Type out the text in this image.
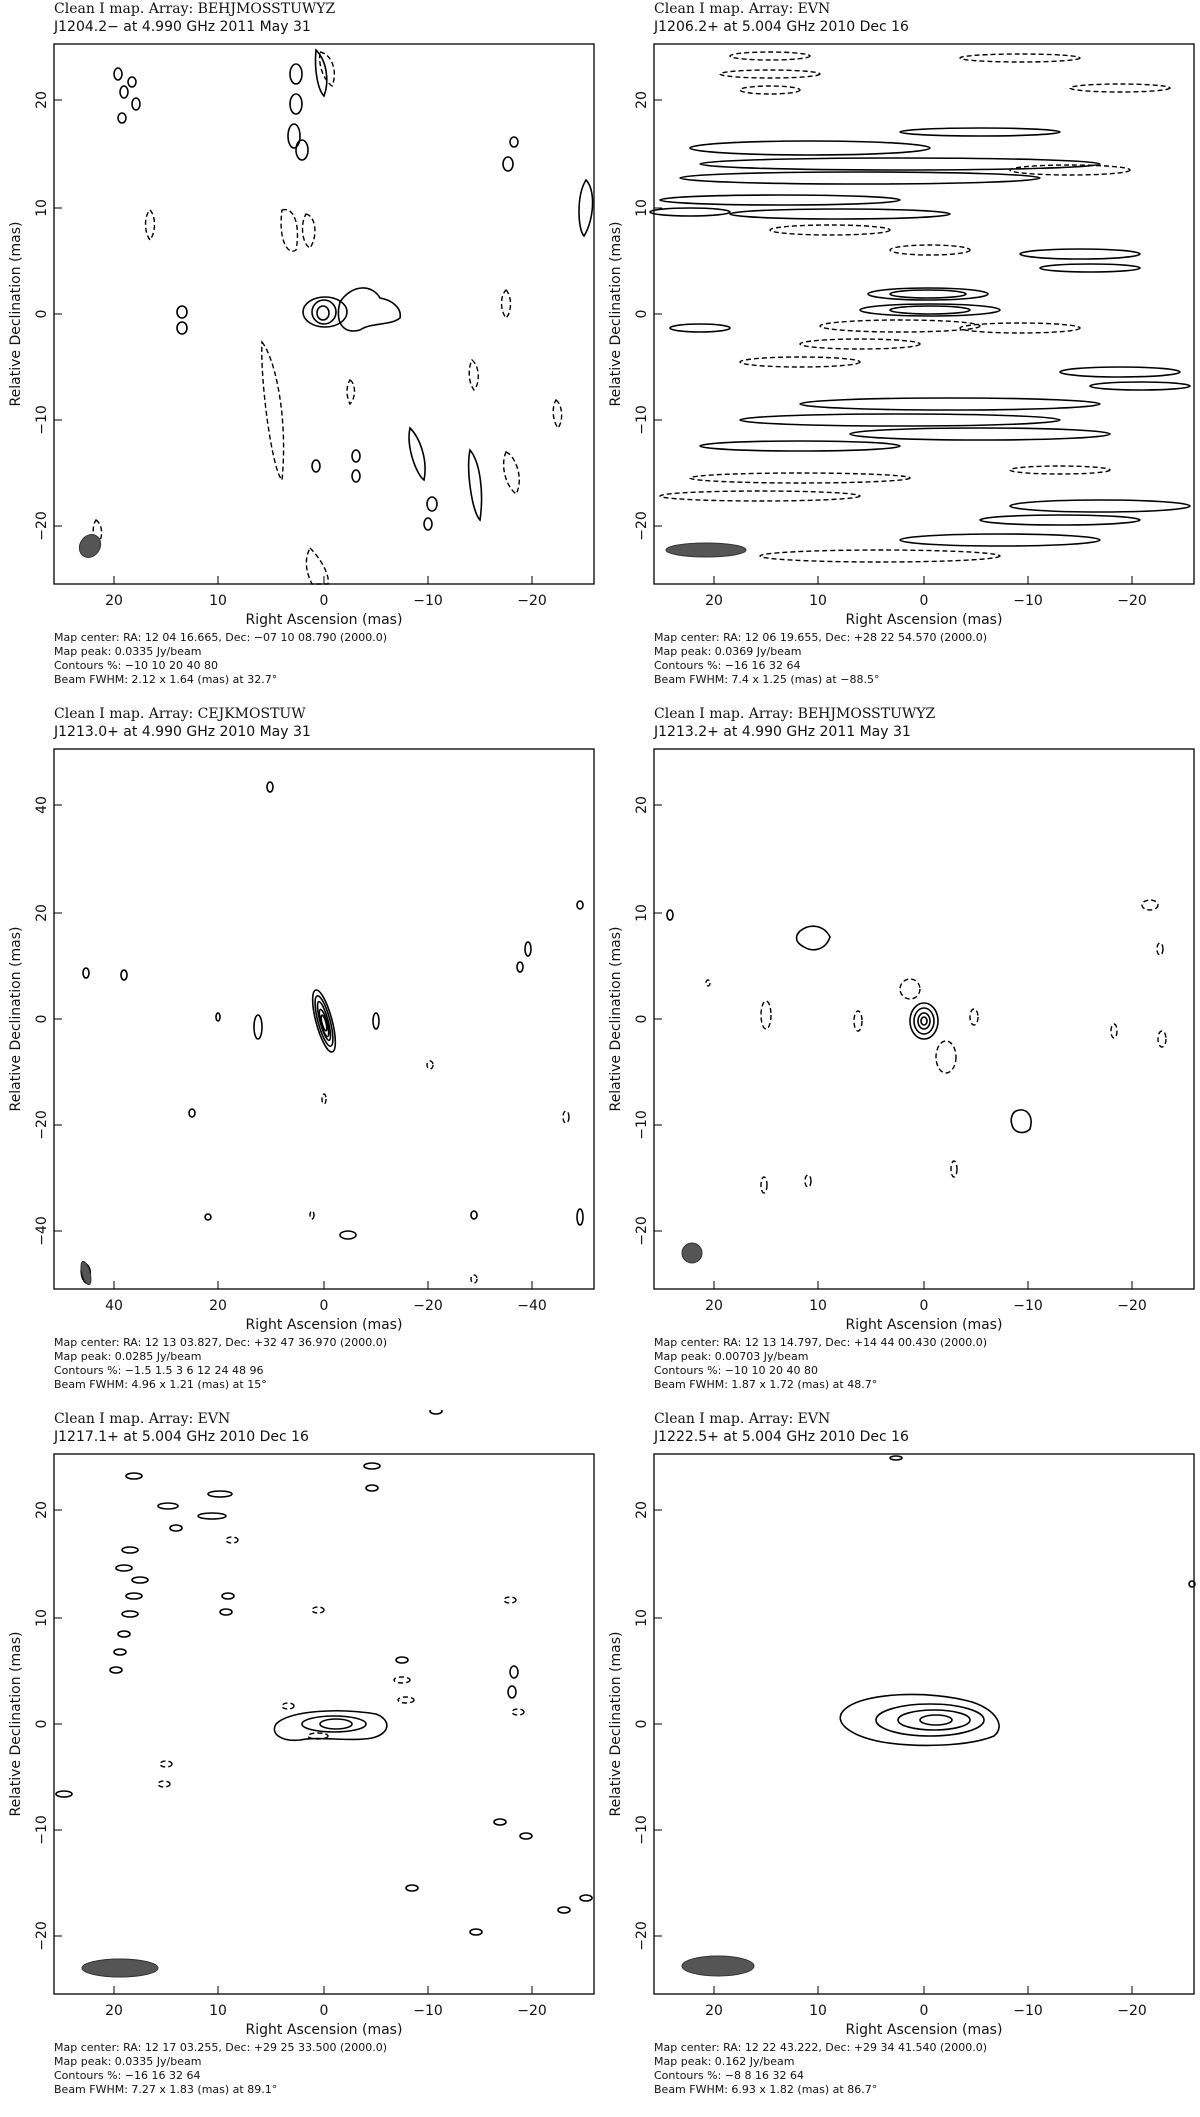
Clean I map. Array: BEHJMOSSTUWYZ
J1204.2− at 4.990 GHz 2011 May 31
20	10	0	−10	−20
20
10
0
−10
−20
Right Ascension (mas)
Relative Declination (mas)
Map center: RA: 12 04 16.665, Dec: −07 10 08.790 (2000.0)
Map peak: 0.0335 Jy/beam
Contours %: −10 10 20 40 80
Beam FWHM: 2.12 x 1.64 (mas) at 32.7°
Clean I map. Array: EVN
J1206.2+ at 5.004 GHz 2010 Dec 16
20	10	0	−10	−20
20
10
0
−10
−20
Right Ascension (mas)
Relative Declination (mas)
Map center: RA: 12 06 19.655, Dec: +28 22 54.570 (2000.0)
Map peak: 0.0369 Jy/beam
Contours %: −16 16 32 64
Beam FWHM: 7.4 x 1.25 (mas) at −88.5°
Clean I map. Array: CEJKMOSTUW
J1213.0+ at 4.990 GHz 2010 May 31
40	20	0	−20	−40
40
20
0
−20
−40
Right Ascension (mas)
Relative Declination (mas)
Map center: RA: 12 13 03.827, Dec: +32 47 36.970 (2000.0)
Map peak: 0.0285 Jy/beam
Contours %: −1.5 1.5 3 6 12 24 48 96
Beam FWHM: 4.96 x 1.21 (mas) at 15°
Clean I map. Array: BEHJMOSSTUWYZ
J1213.2+ at 4.990 GHz 2011 May 31
20	10	0	−10	−20
20
10
0
−10
−20
Right Ascension (mas)
Relative Declination (mas)
Map center: RA: 12 13 14.797, Dec: +14 44 00.430 (2000.0)
Map peak: 0.00703 Jy/beam
Contours %: −10 10 20 40 80
Beam FWHM: 1.87 x 1.72 (mas) at 48.7°
Clean I map. Array: EVN
J1217.1+ at 5.004 GHz 2010 Dec 16
20	10	0	−10	−20
20
10
0
−10
−20
Right Ascension (mas)
Relative Declination (mas)
Map center: RA: 12 17 03.255, Dec: +29 25 33.500 (2000.0)
Map peak: 0.0335 Jy/beam
Contours %: −16 16 32 64
Beam FWHM: 7.27 x 1.83 (mas) at 89.1°
Clean I map. Array: EVN
J1222.5+ at 5.004 GHz 2010 Dec 16
20	10	0	−10	−20
20
10
0
−10
−20
Right Ascension (mas)
Relative Declination (mas)
Map center: RA: 12 22 43.222, Dec: +29 34 41.540 (2000.0)
Map peak: 0.162 Jy/beam
Contours %: −8 8 16 32 64
Beam FWHM: 6.93 x 1.82 (mas) at 86.7°
